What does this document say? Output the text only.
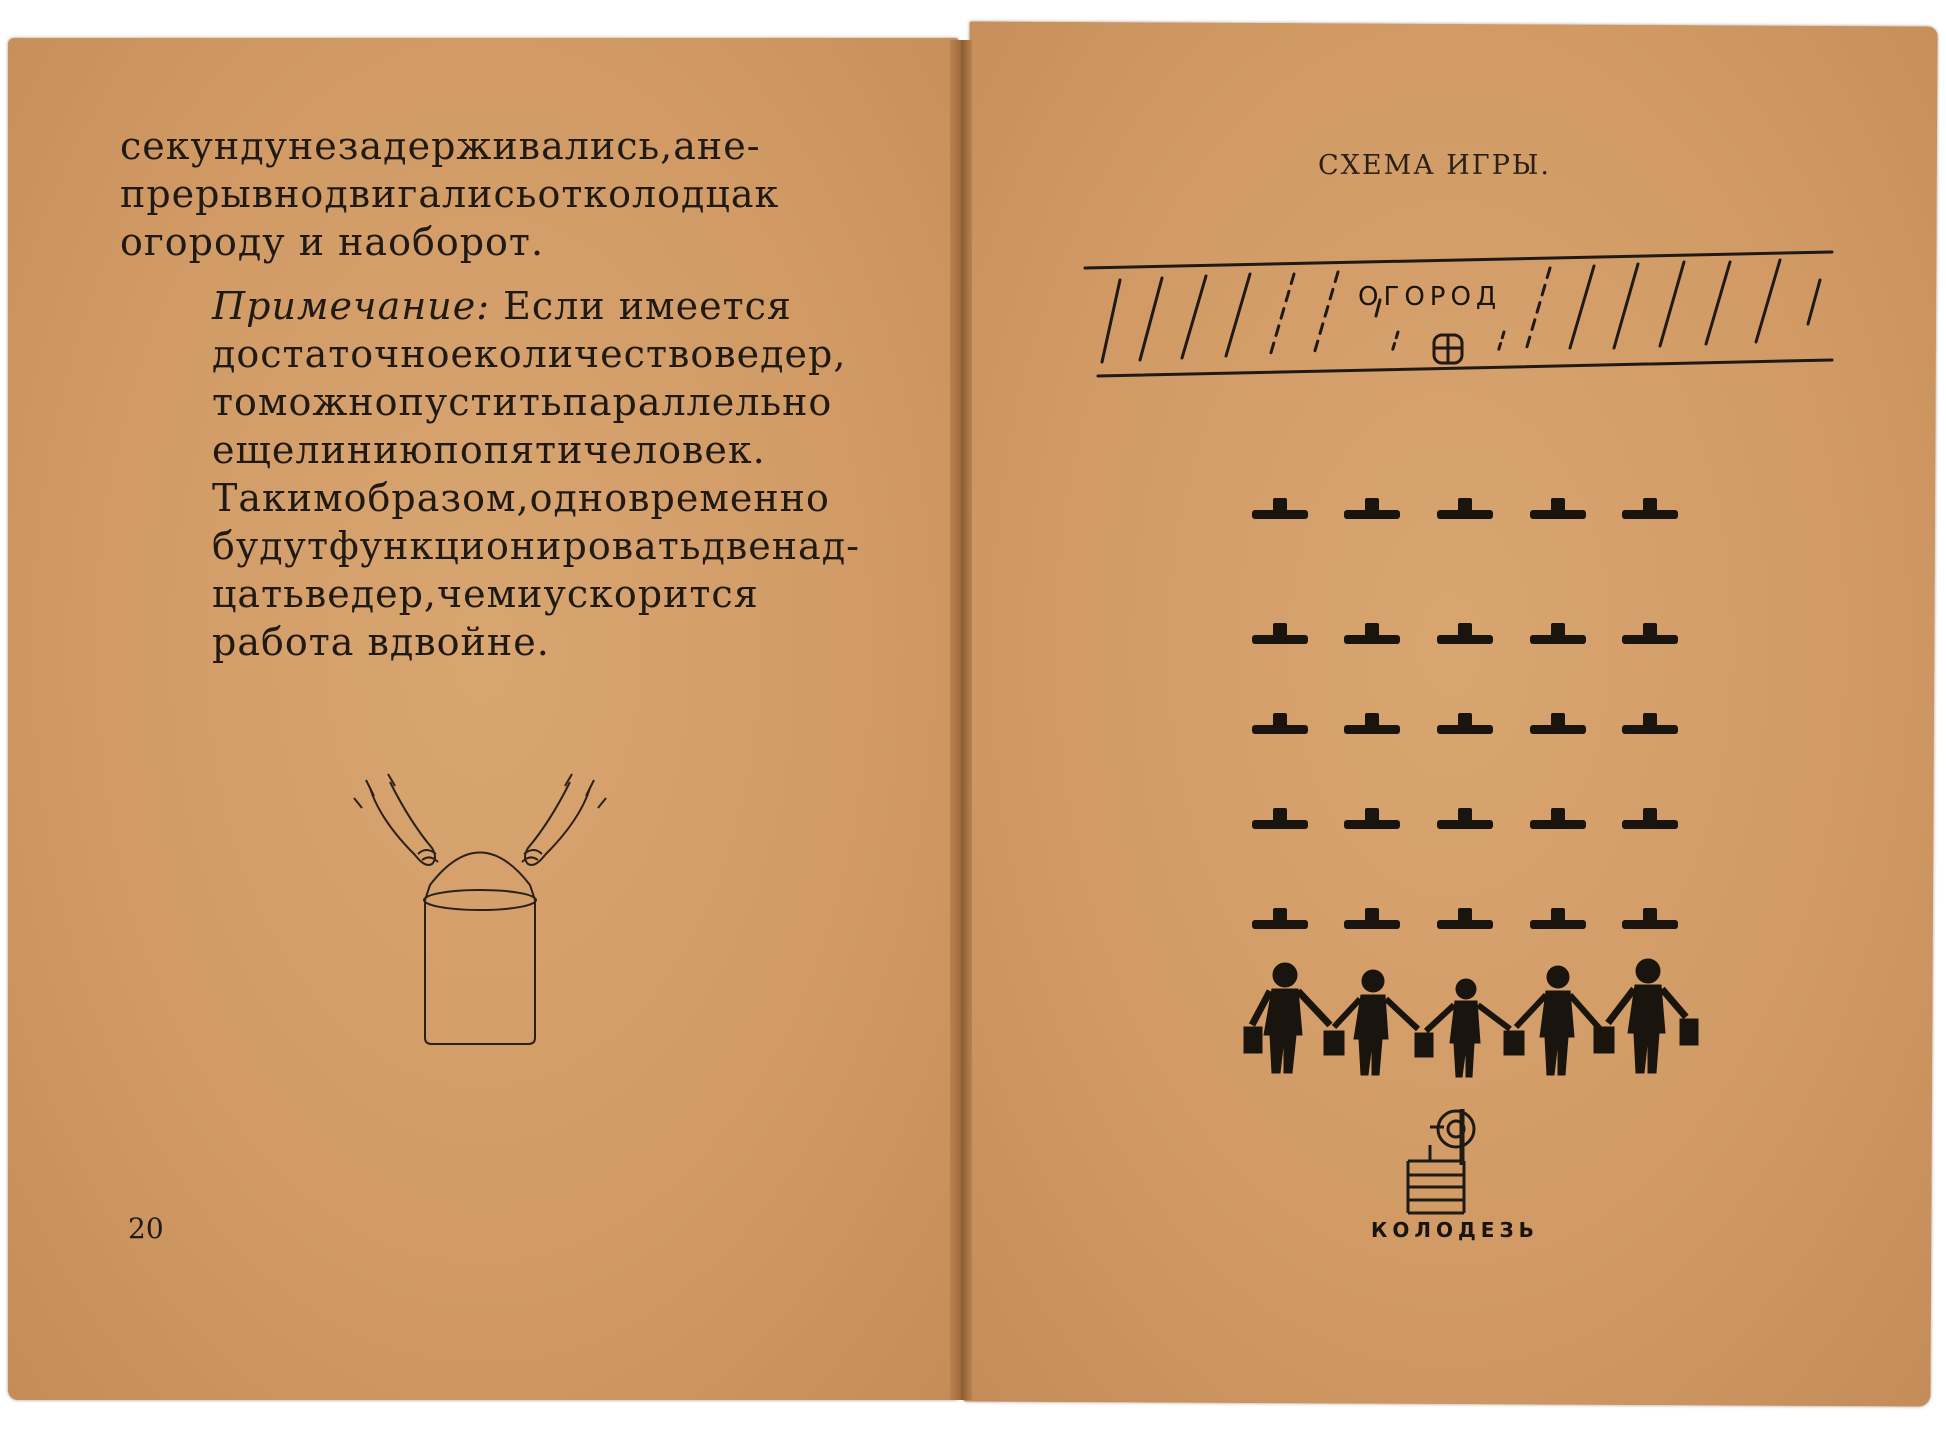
секундунезадерживались,ане-
прерывнодвигалисьотколодцак
огороду и наоборот.
Примечание: Если имеется
достаточноеколичествоведер,
томожнопуститьпараллельно
ещелиниюпопятичеловек.
Такимобразом,одновременно
будутфункционироватьдвенад-
цатьведер,чемиускорится
работа вдвойне.
20
СХЕМА ИГРЫ.
ОГОРОД
КОЛОДЕЗЬ
